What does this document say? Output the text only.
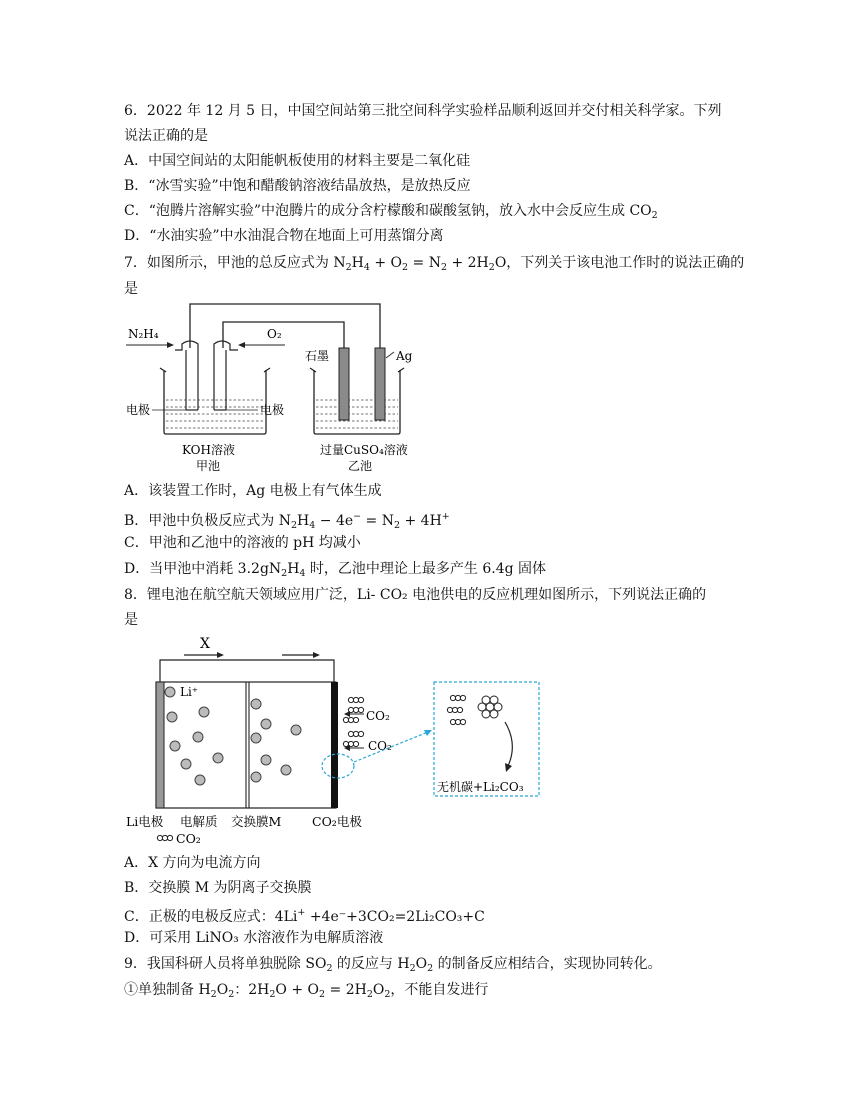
6．2022 年 12 月 5 日，中国空间站第三批空间科学实验样品顺利返回并交付相关科学家。下列
说法正确的是
A．中国空间站的太阳能帆板使用的材料主要是二氧化硅
B．“冰雪实验”中饱和醋酸钠溶液结晶放热，是放热反应
C．“泡腾片溶解实验”中泡腾片的成分含柠檬酸和碳酸氢钠，放入水中会反应生成 $CO_2$
D．“水油实验”中水油混合物在地面上可用蒸馏分离
7．如图所示，甲池的总反应式为 $N_2H_4 + O_2 = N_2 + 2H_2O$，下列关于该电池工作时的说法正确的
是
N₂H₄	O₂
电极	电极
KOH溶液
甲池
石墨	Ag
过量CuSO₄溶液
乙池
A．该装置工作时，Ag 电极上有气体生成
B．甲池中负极反应式为 $N_2H_4 - 4e^- = N_2 + 4H^+$
C．甲池和乙池中的溶液的 pH 均减小
D．当甲池中消耗 $3.2gN_2H_4$ 时，乙池中理论上最多产生 6.4g 固体
8．锂电池在航空航天领域应用广泛，Li- CO₂ 电池供电的反应机理如图所示，下列说法正确的
是
X
Li⁺
CO₂
CO₂
无机碳+Li₂CO₃
Li电极 电解质 交换膜M CO₂电极
CO₂
A．X 方向为电流方向
B．交换膜 M 为阴离子交换膜
C．正极的电极反应式：4Li+ +4e⁻+3CO₂=2Li₂CO₃+C
D．可采用 LiNO₃ 水溶液作为电解质溶液
9．我国科研人员将单独脱除 $SO_2$ 的反应与 $H_2O_2$ 的制备反应相结合，实现协同转化。
①单独制备 $H_2O_2$：$2H_2O + O_2 = 2H_2O_2$，不能自发进行
